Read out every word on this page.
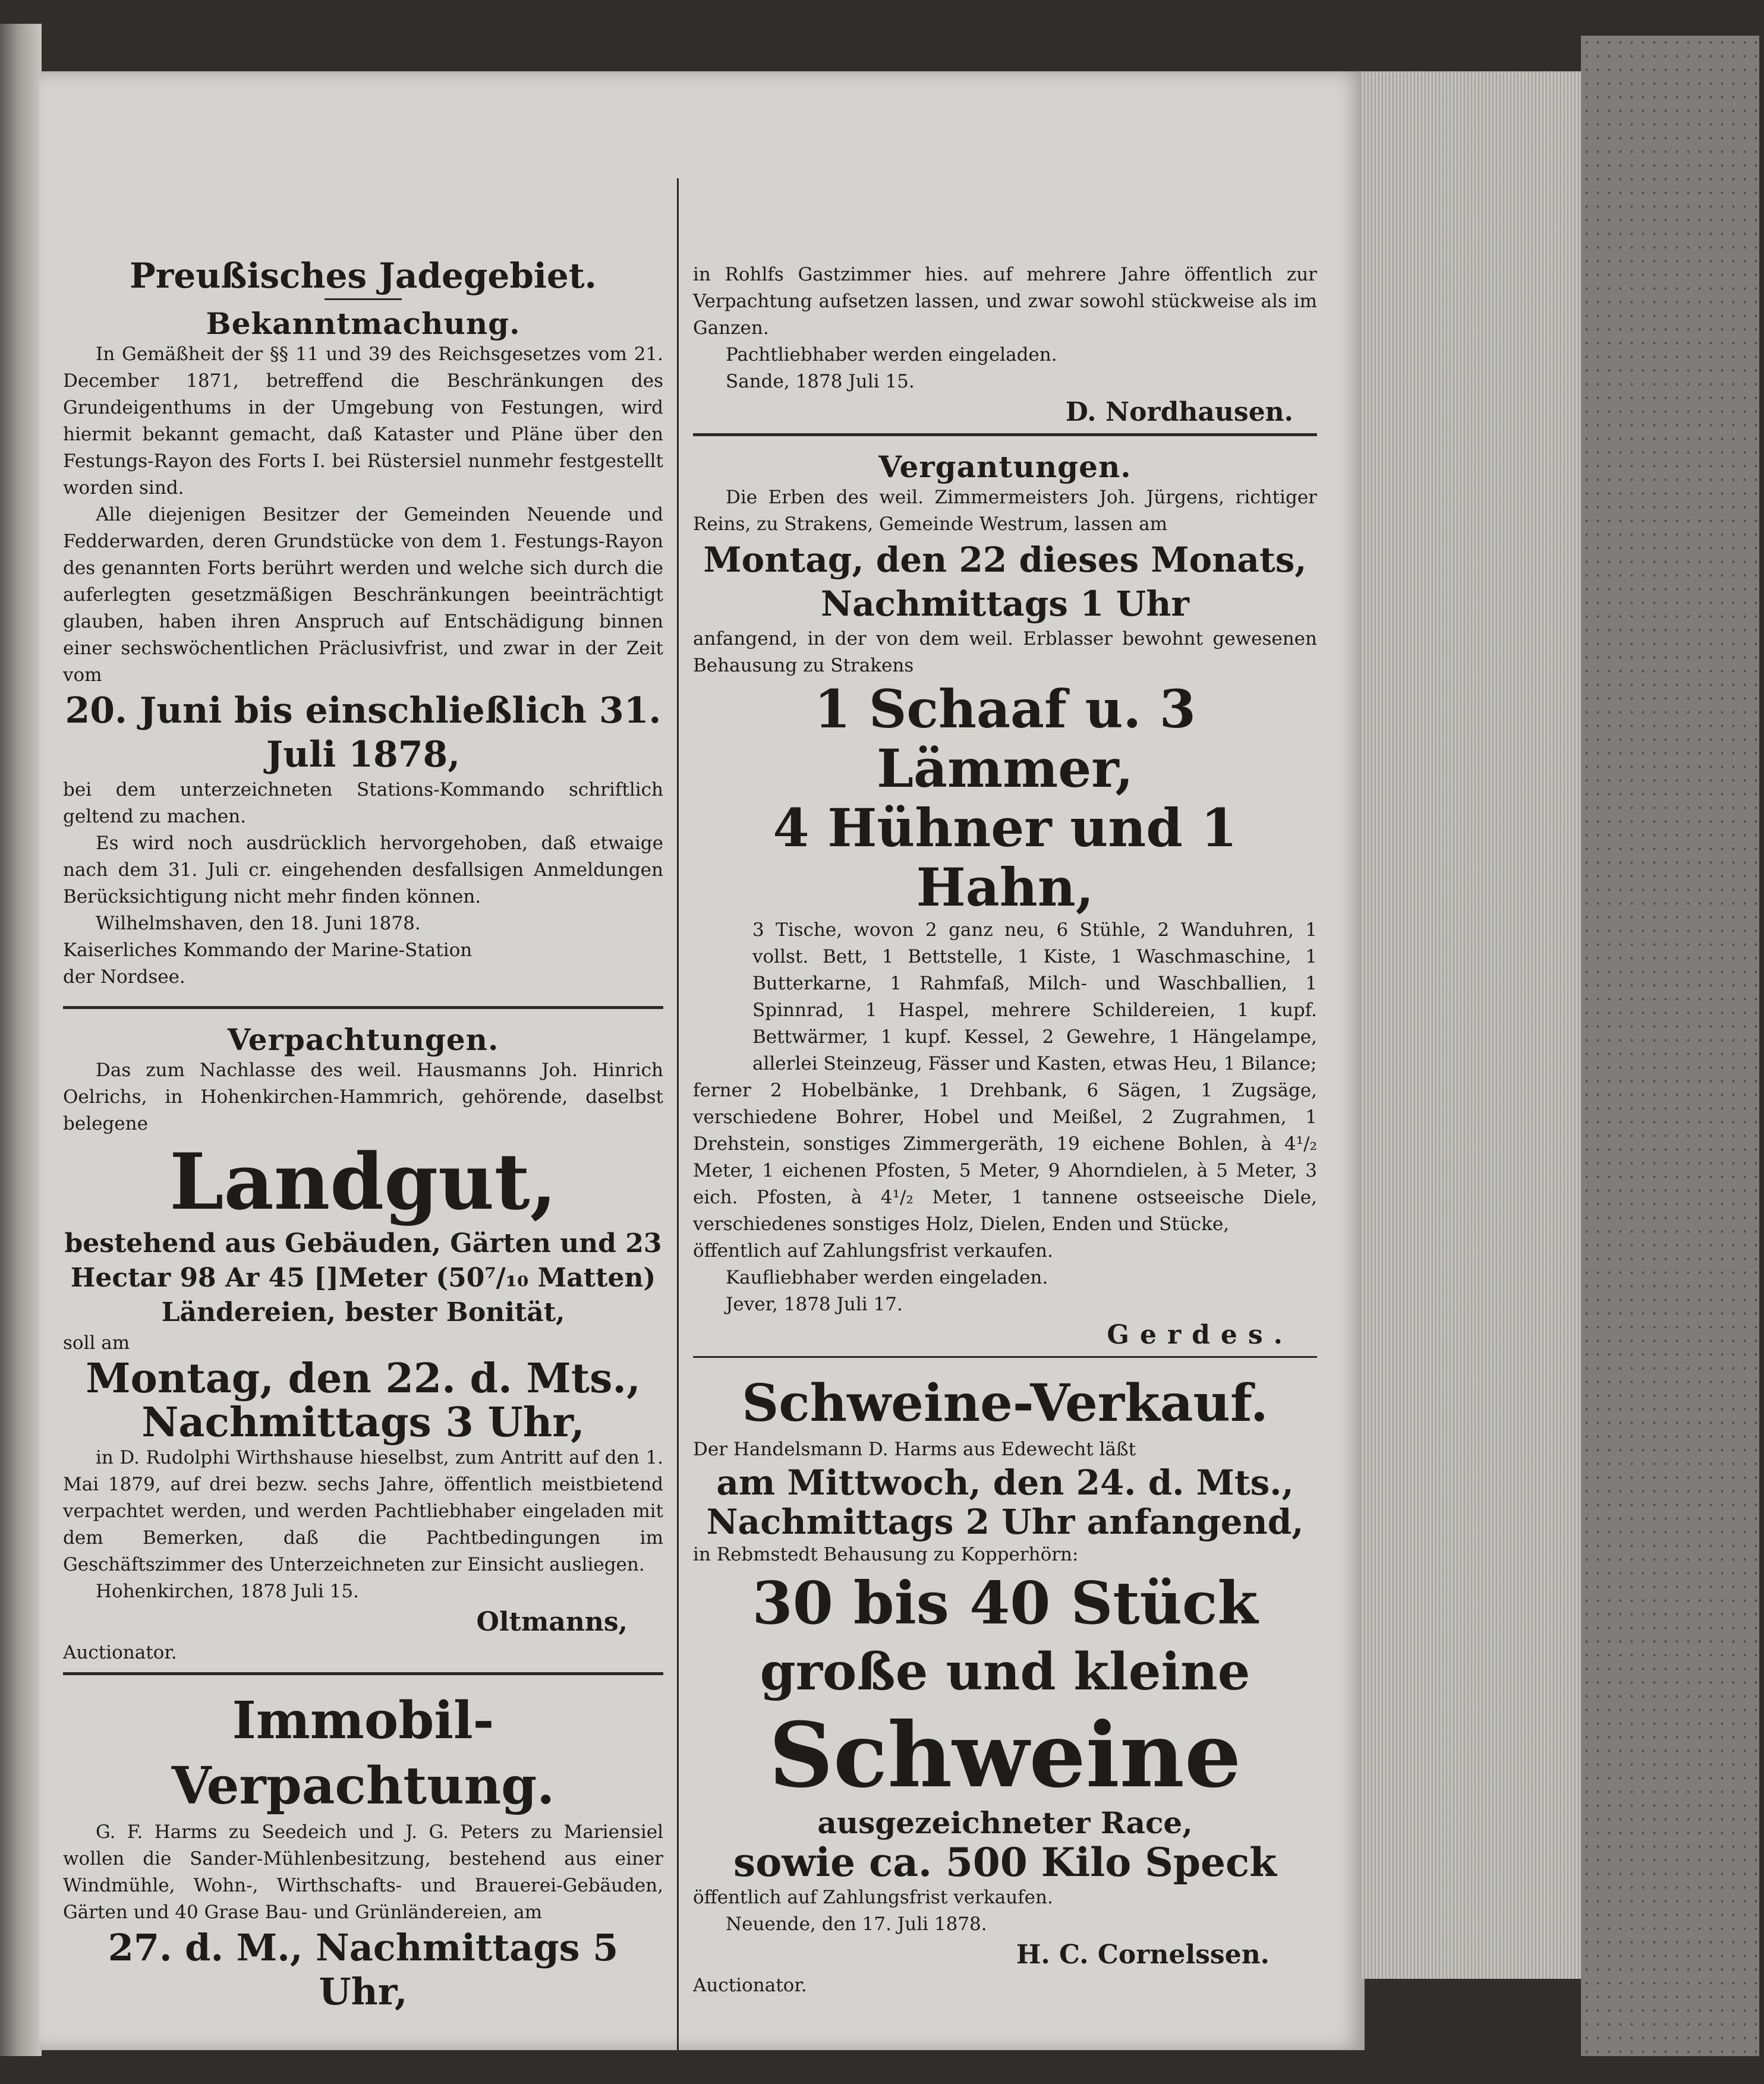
Preußisches Jadegebiet.

Bekanntmachung.

In Gemäßheit der §§ 11 und 39 des Reichsgesetzes vom 21. December 1871, betreffend die Beschränkungen des Grundeigenthums in der Umgebung von Festungen, wird hiermit bekannt gemacht, daß Kataster und Pläne über den Festungs-Rayon des Forts I. bei Rüstersiel nunmehr festgestellt worden sind.

Alle diejenigen Besitzer der Gemeinden Neuende und Fedderwarden, deren Grundstücke von dem 1. Festungs-Rayon des genannten Forts berührt werden und welche sich durch die auferlegten gesetzmäßigen Beschränkungen beeinträchtigt glauben, haben ihren Anspruch auf Entschädigung binnen einer sechswöchentlichen Präclusivfrist, und zwar in der Zeit vom

20. Juni bis einschließlich 31. Juli 1878,

bei dem unterzeichneten Stations-Kommando schriftlich geltend zu machen.

Es wird noch ausdrücklich hervorgehoben, daß etwaige nach dem 31. Juli cr. eingehenden desfallsigen Anmeldungen Berücksichtigung nicht mehr finden können.

Wilhelmshaven, den 18. Juni 1878.

Kaiserliches Kommando der Marine-Station

der Nordsee.

Verpachtungen.

Das zum Nachlasse des weil. Hausmanns Joh. Hinrich Oelrichs, in Hohenkirchen-Hammrich, gehörende, daselbst belegene

Landgut,

bestehend aus Gebäuden, Gärten und 23

Hectar 98 Ar 45 []Meter (50⁷/₁₀ Matten)

Ländereien, bester Bonität,

soll am

Montag, den 22. d. Mts.,

Nachmittags 3 Uhr,

in D. Rudolphi Wirthshause hieselbst, zum Antritt auf den 1. Mai 1879, auf drei bezw. sechs Jahre, öffentlich meistbietend verpachtet werden, und werden Pachtliebhaber eingeladen mit dem Bemerken, daß die Pachtbedingungen im Geschäftszimmer des Unterzeichneten zur Einsicht ausliegen.

Hohenkirchen, 1878 Juli 15.

Oltmanns,

Auctionator.

Immobil-Verpachtung.

G. F. Harms zu Seedeich und J. G. Peters zu Mariensiel wollen die Sander-Mühlenbesitzung, bestehend aus einer Windmühle, Wohn-, Wirthschafts- und Brauerei-Gebäuden, Gärten und 40 Grase Bau- und Grünländereien, am

27. d. M., Nachmittags 5 Uhr,

in Rohlfs Gastzimmer hies. auf mehrere Jahre öffentlich zur Verpachtung aufsetzen lassen, und zwar sowohl stückweise als im Ganzen.

Pachtliebhaber werden eingeladen.

Sande, 1878 Juli 15.

D. Nordhausen.

Vergantungen.

Die Erben des weil. Zimmermeisters Joh. Jürgens, richtiger Reins, zu Strakens, Gemeinde Westrum, lassen am

Montag, den 22 dieses Monats,

Nachmittags 1 Uhr

anfangend, in der von dem weil. Erblasser bewohnt gewesenen Behausung zu Strakens

1 Schaaf u. 3 Lämmer,

4 Hühner und 1 Hahn,

3 Tische, wovon 2 ganz neu, 6 Stühle, 2 Wanduhren, 1 vollst. Bett, 1 Bettstelle, 1 Kiste, 1 Waschmaschine, 1 Butterkarne, 1 Rahmfaß, Milch- und Waschballien, 1 Spinnrad, 1 Haspel, mehrere Schildereien, 1 kupf. Bettwärmer, 1 kupf. Kessel, 2 Gewehre, 1 Hängelampe, allerlei Steinzeug, Fässer und Kasten, etwas Heu, 1 Bilance;

ferner 2 Hobelbänke, 1 Drehbank, 6 Sägen, 1 Zugsäge, verschiedene Bohrer, Hobel und Meißel, 2 Zugrahmen, 1 Drehstein, sonstiges Zimmergeräth, 19 eichene Bohlen, à 4¹/₂ Meter, 1 eichenen Pfosten, 5 Meter, 9 Ahorndielen, à 5 Meter, 3 eich. Pfosten, à 4¹/₂ Meter, 1 tannene ostseeische Diele, verschiedenes sonstiges Holz, Dielen, Enden und Stücke,

öffentlich auf Zahlungsfrist verkaufen.

Kaufliebhaber werden eingeladen.

Jever, 1878 Juli 17.

Gerdes.

Schweine-Verkauf.

Der Handelsmann D. Harms aus Edewecht läßt

am Mittwoch, den 24. d. Mts.,

Nachmittags 2 Uhr anfangend,

in Rebmstedt Behausung zu Kopperhörn:

30 bis 40 Stück

große und kleine

Schweine

ausgezeichneter Race,

sowie ca. 500 Kilo Speck

öffentlich auf Zahlungsfrist verkaufen.

Neuende, den 17. Juli 1878.

H. C. Cornelssen.

Auctionator.
